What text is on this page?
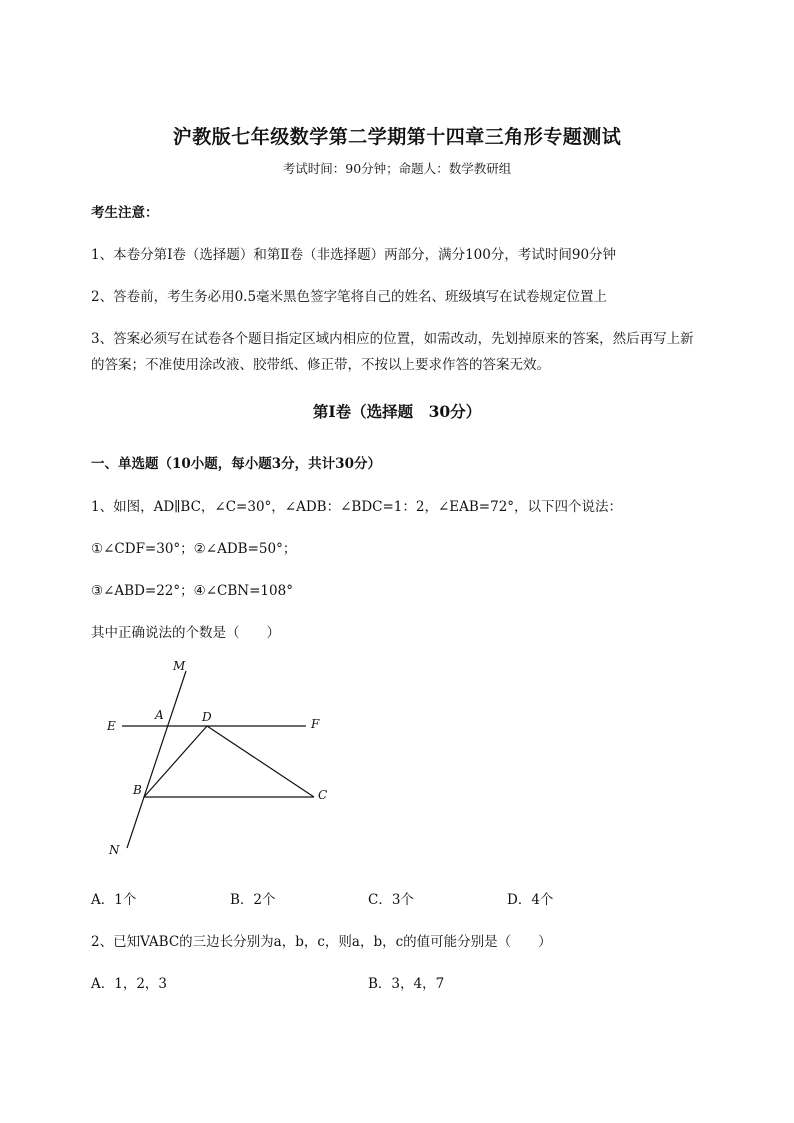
沪教版七年级数学第二学期第十四章三角形专题测试
考试时间：90分钟；命题人：数学教研组
考生注意：
1、本卷分第I卷（选择题）和第Ⅱ卷（非选择题）两部分，满分100分，考试时间90分钟
2、答卷前，考生务必用0.5毫米黑色签字笔将自己的姓名、班级填写在试卷规定位置上
3、答案必须写在试卷各个题目指定区域内相应的位置，如需改动，先划掉原来的答案，然后再写上新
的答案；不准使用涂改液、胶带纸、修正带，不按以上要求作答的答案无效。
第I卷（选择题　30分）
一、单选题（10小题，每小题3分，共计30分）
1、如图，AD∥BC，∠C=30°，∠ADB：∠BDC=1：2，∠EAB=72°，以下四个说法：
①∠CDF=30°；②∠ADB=50°；
③∠ABD=22°；④∠CBN=108°
其中正确说法的个数是（　　）
M
E
A	D	F
B	C
N
A．1个	B．2个	C．3个	D．4个
2、已知VABC的三边长分别为a，b，c，则a，b，c的值可能分别是（　　）
A．1，2，3	B．3，4，7
